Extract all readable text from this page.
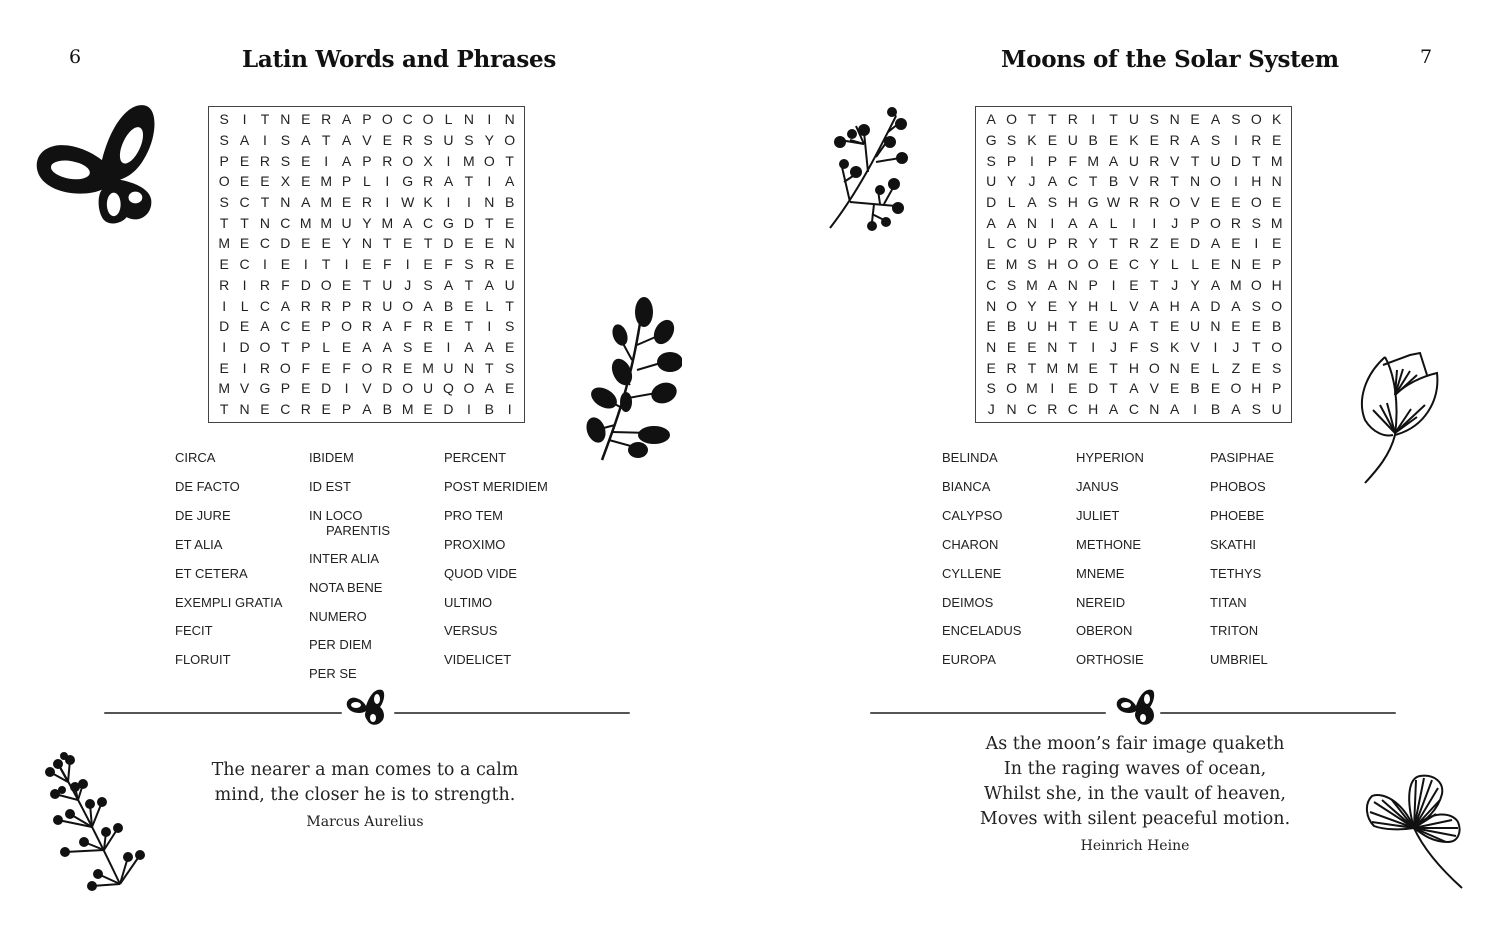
6	Latin Words and Phrases
S I	T N E R A P O C O L N I N
S A I S A T A V E R S U S Y O
P E R S E I A P R O X I M O T
O E E X E M P L	I G R A T	I A
S C T N A M E R I W K I	I N B
T T N C M M U Y M A C G D T E
M E C D E E Y N T E T D E E N
E C I E I	T	I E F	I E F S R E
R I R F D O E T U J S A T A U
I	L C A R R P R U O A B E L T
D E A C E P O R A F R E T	I S
I D O T P L E A A S E I A A E
E I R O F E F O R E M U N T S
M V G P E D I V D O U Q O A E
T N E C R E P A B M E D I B I
CIRCA
DE FACTO
DE JURE
ET ALIA
ET CETERA
EXEMPLI GRATIA
FECIT
FLORUIT
IBIDEM
ID EST
IN LOCO
PARENTIS
INTER ALIA
NOTA BENE
NUMERO
PER DIEM
PER SE
PERCENT
POST MERIDIEM
PRO TEM
PROXIMO
QUOD VIDE
ULTIMO
VERSUS
VIDELICET
The nearer a man comes to a calm
mind, the closer he is to strength.
Marcus Aurelius
7
Moons of the Solar System
A O T T R I	T U S N E A S O K
G S K E U B E K E R A S I R E
S P I P F M A U R V T U D T M
U Y J A C T B V R T N O I H N
D L A S H G W R R O V E E O E
A A N I A A L	I	I	J P O R S M
L C U P R Y T R Z E D A E I E
E M S H O O E C Y L L E N E P
C S M A N P I E T J Y A M O H
N O Y E Y H L V A H A D A S O
E B U H T E U A T E U N E E B
N E E N T	I	J F S K V I	J T O
E R T M M E T H O N E L Z E S
S O M I E D T A V E B E O H P
J N C R C H A C N A I B A S U
BELINDA
BIANCA
CALYPSO
CHARON
CYLLENE
DEIMOS
ENCELADUS
EUROPA
HYPERION
JANUS
JULIET
METHONE
MNEME
NEREID
OBERON
ORTHOSIE
PASIPHAE
PHOBOS
PHOEBE
SKATHI
TETHYS
TITAN
TRITON
UMBRIEL
As the moon’s fair image quaketh
In the raging waves of ocean,
Whilst she, in the vault of heaven,
Moves with silent peaceful motion.
Heinrich Heine
